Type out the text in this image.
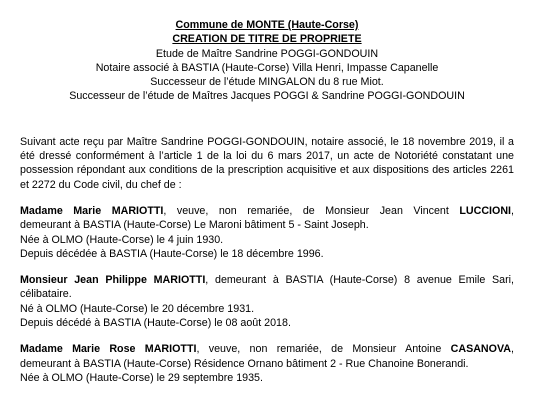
Commune de MONTE (Haute-Corse)
CREATION DE TITRE DE PROPRIETE
Etude de Maître Sandrine POGGI-GONDOUIN
Notaire associé à BASTIA (Haute-Corse) Villa Henri, Impasse Capanelle
Successeur de l’étude MINGALON du 8 rue Miot.
Successeur de l’étude de Maîtres Jacques POGGI & Sandrine POGGI-GONDOUIN
Suivant acte reçu par Maître Sandrine POGGI-GONDOUIN, notaire associé, le 18 novembre 2019, il a été dressé conformément à l’article 1 de la loi du 6 mars 2017, un acte de Notoriété constatant une possession répondant aux conditions de la prescription acquisitive et aux dispositions des articles 2261 et 2272 du Code civil, du chef de :
Madame Marie MARIOTTI, veuve, non remariée, de Monsieur Jean Vincent LUCCIONI,
demeurant à BASTIA (Haute-Corse) Le Maroni bâtiment 5 - Saint Joseph.
Née à OLMO (Haute-Corse) le 4 juin 1930.
Depuis décédée à BASTIA (Haute-Corse) le 18 décembre 1996.
Monsieur Jean Philippe MARIOTTI, demeurant à BASTIA (Haute-Corse) 8 avenue Emile Sari,
célibataire.
Né à OLMO (Haute-Corse) le 20 décembre 1931.
Depuis décédé à BASTIA (Haute-Corse) le 08 août 2018.
Madame Marie Rose MARIOTTI, veuve, non remariée, de Monsieur Antoine CASANOVA,
demeurant à BASTIA (Haute-Corse) Résidence Ornano bâtiment 2 - Rue Chanoine Bonerandi.
Née à OLMO (Haute-Corse) le 29 septembre 1935.
